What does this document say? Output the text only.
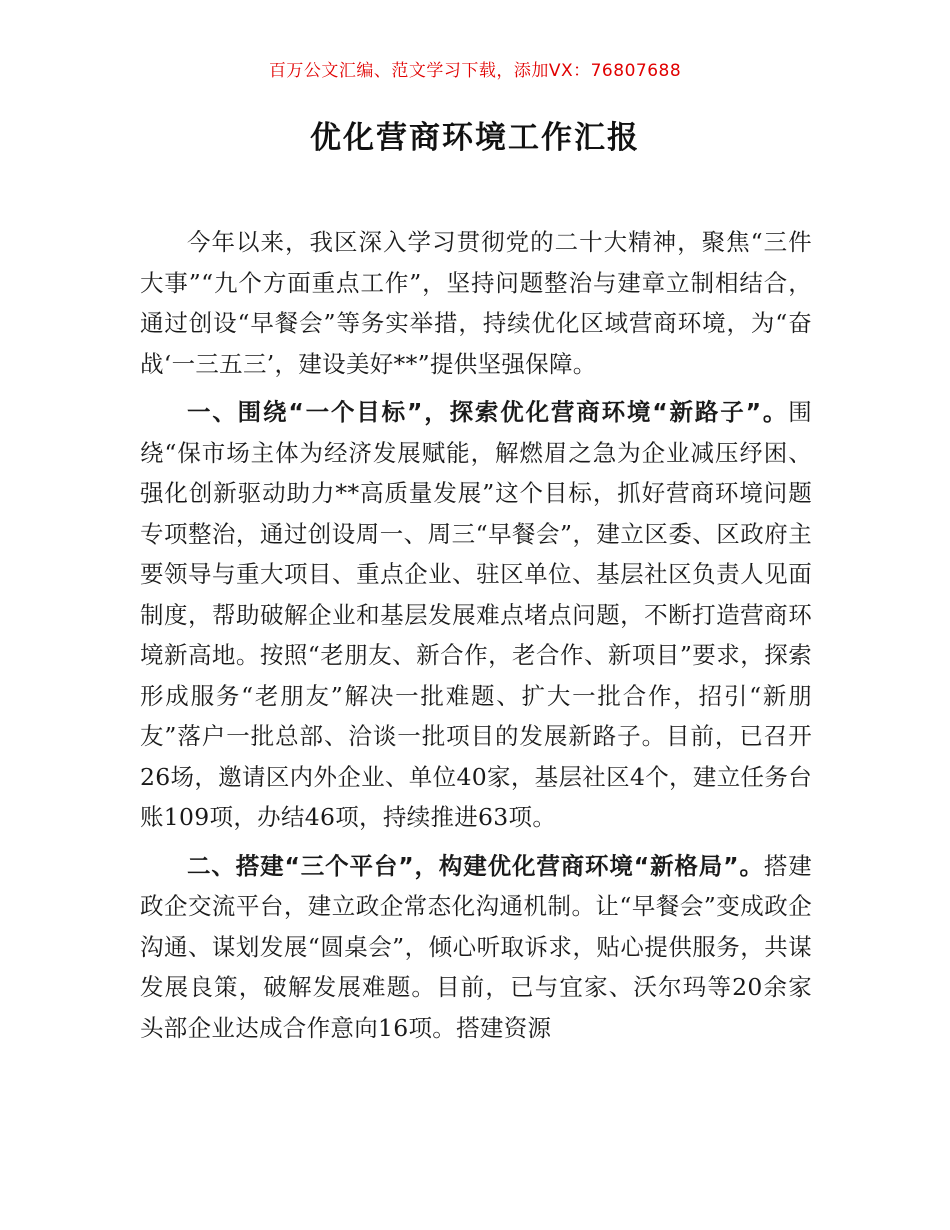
百万公文汇编、范文学习下载，添加VX：76807688
优化营商环境工作汇报

今年以来，我区深入学习贯彻党的二十大精神，聚焦“三件大事”“九个方面重点工作”，坚持问题整治与建章立制相结合，通过创设“早餐会”等务实举措，持续优化区域营商环境，为“奋战‘一三五三’，建设美好**”提供坚强保障。

一、围绕“一个目标”，探索优化营商环境“新路子”。围绕“保市场主体为经济发展赋能，解燃眉之急为企业减压纾困、强化创新驱动助力**高质量发展”这个目标，抓好营商环境问题专项整治，通过创设周一、周三“早餐会”，建立区委、区政府主要领导与重大项目、重点企业、驻区单位、基层社区负责人见面制度，帮助破解企业和基层发展难点堵点问题，不断打造营商环境新高地。按照“老朋友、新合作，老合作、新项目”要求，探索形成服务“老朋友”解决一批难题、扩大一批合作，招引“新朋友”落户一批总部、洽谈一批项目的发展新路子。目前，已召开26场，邀请区内外企业、单位40家，基层社区4个，建立任务台账109项，办结46项，持续推进63项。

二、搭建“三个平台”，构建优化营商环境“新格局”。搭建政企交流平台，建立政企常态化沟通机制。让“早餐会”变成政企沟通、谋划发展“圆桌会”，倾心听取诉求，贴心提供服务，共谋发展良策，破解发展难题。目前，已与宜家、沃尔玛等20余家头部企业达成合作意向16项。搭建资源
